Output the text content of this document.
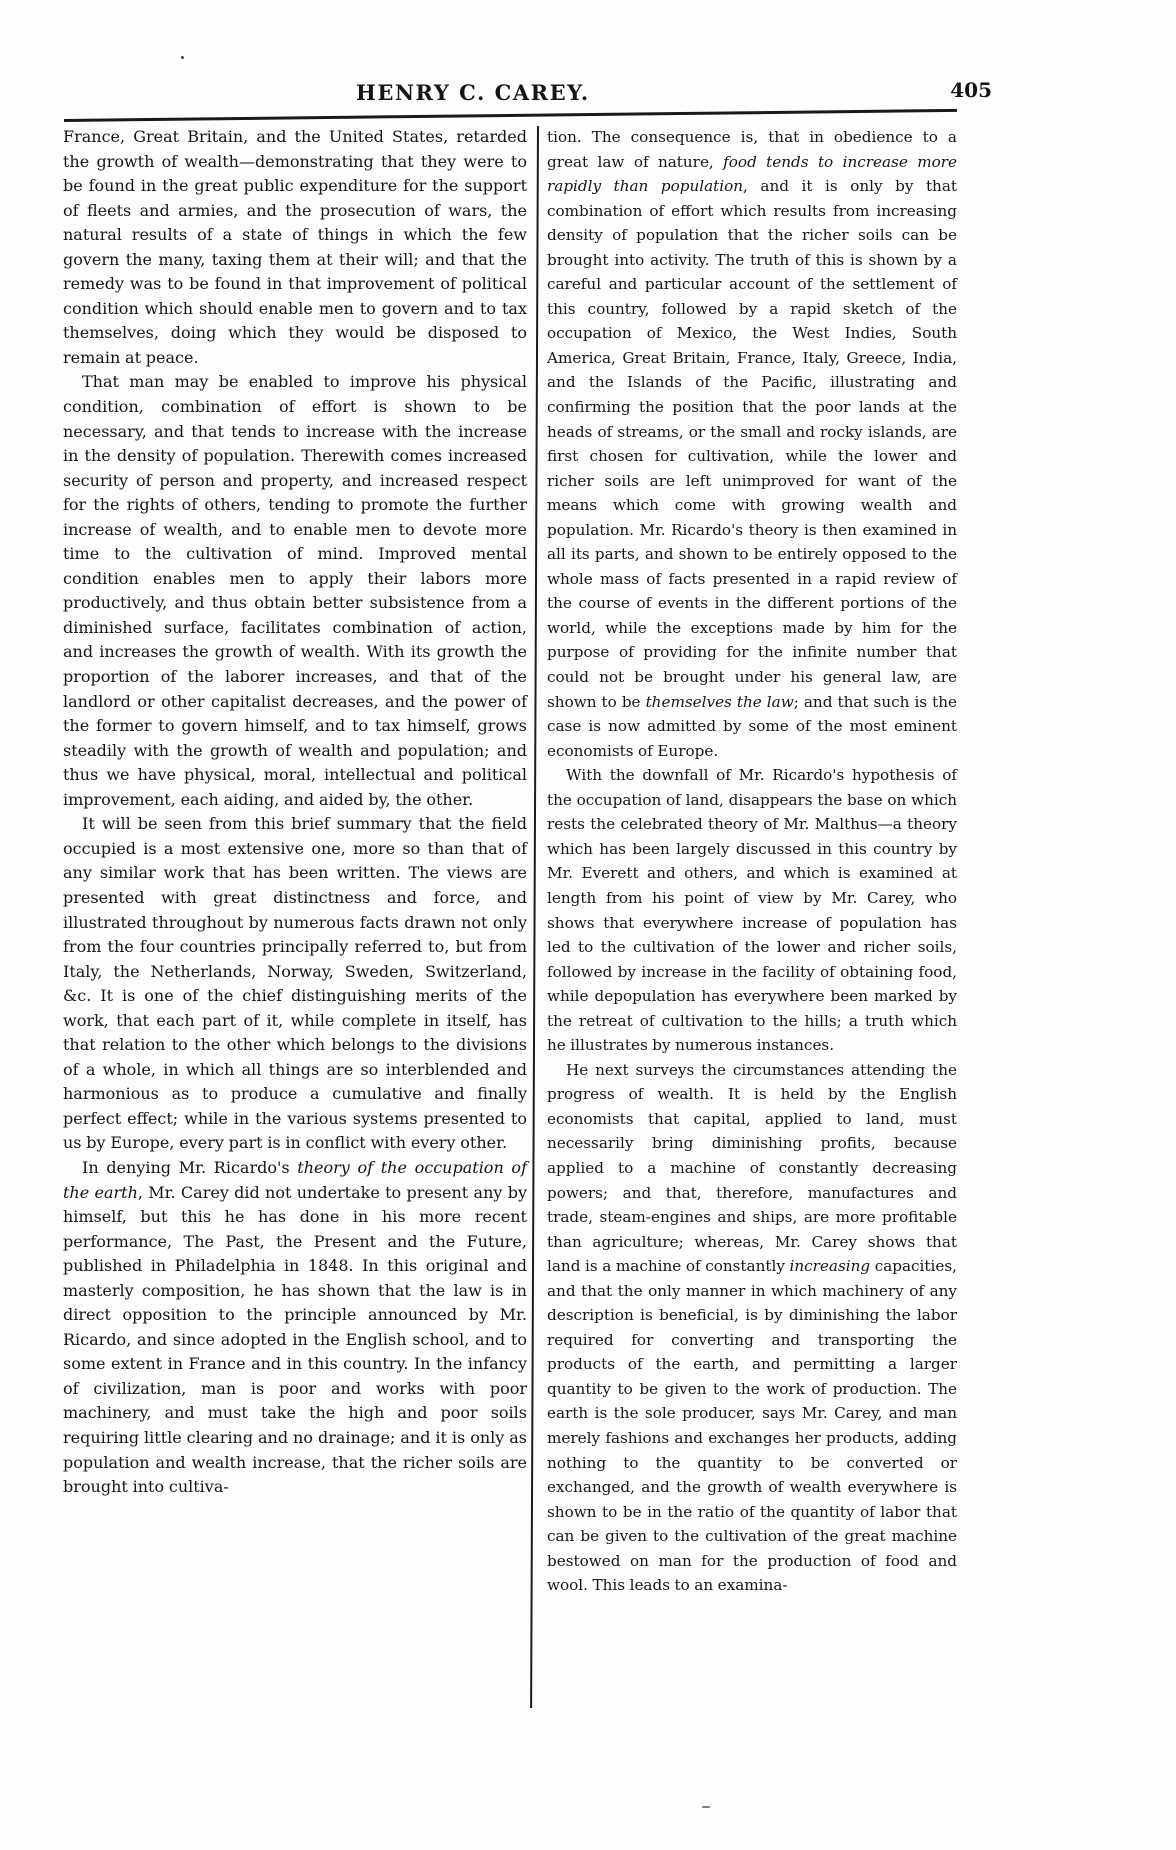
HENRY C. CAREY.	405

France, Great Britain, and the United States, retarded the growth of wealth—demonstrating that they were to be found in the great public expenditure for the support of fleets and armies, and the prosecution of wars, the natural results of a state of things in which the few govern the many, taxing them at their will; and that the remedy was to be found in that improvement of political condition which should enable men to govern and to tax themselves, doing which they would be disposed to remain at peace.

That man may be enabled to improve his physical condition, combination of effort is shown to be necessary, and that tends to increase with the increase in the density of population. Therewith comes increased security of person and property, and increased respect for the rights of others, tending to promote the further increase of wealth, and to enable men to devote more time to the cultivation of mind. Improved mental condition enables men to apply their labors more productively, and thus obtain better subsistence from a diminished surface, facilitates combination of action, and increases the growth of wealth. With its growth the proportion of the laborer increases, and that of the landlord or other capitalist decreases, and the power of the former to govern himself, and to tax himself, grows steadily with the growth of wealth and population; and thus we have physical, moral, intellectual and political improvement, each aiding, and aided by, the other.

It will be seen from this brief summary that the field occupied is a most extensive one, more so than that of any similar work that has been written. The views are presented with great distinctness and force, and illustrated throughout by numerous facts drawn not only from the four countries principally referred to, but from Italy, the Netherlands, Norway, Sweden, Switzerland, &c. It is one of the chief distinguishing merits of the work, that each part of it, while complete in itself, has that relation to the other which belongs to the divisions of a whole, in which all things are so interblended and harmonious as to produce a cumulative and finally perfect effect; while in the various systems presented to us by Europe, every part is in conflict with every other.

In denying Mr. Ricardo's theory of the occupation of the earth, Mr. Carey did not undertake to present any by himself, but this he has done in his more recent performance, The Past, the Present and the Future, published in Philadelphia in 1848. In this original and masterly composition, he has shown that the law is in direct opposition to the principle announced by Mr. Ricardo, and since adopted in the English school, and to some extent in France and in this country. In the infancy of civilization, man is poor and works with poor machinery, and must take the high and poor soils requiring little clearing and no drainage; and it is only as population and wealth increase, that the richer soils are brought into cultiva-

tion. The consequence is, that in obedience to a great law of nature, food tends to increase more rapidly than population, and it is only by that combination of effort which results from increasing density of population that the richer soils can be brought into activity. The truth of this is shown by a careful and particular account of the settlement of this country, followed by a rapid sketch of the occupation of Mexico, the West Indies, South America, Great Britain, France, Italy, Greece, India, and the Islands of the Pacific, illustrating and confirming the position that the poor lands at the heads of streams, or the small and rocky islands, are first chosen for cultivation, while the lower and richer soils are left unimproved for want of the means which come with growing wealth and population. Mr. Ricardo's theory is then examined in all its parts, and shown to be entirely opposed to the whole mass of facts presented in a rapid review of the course of events in the different portions of the world, while the exceptions made by him for the purpose of providing for the infinite number that could not be brought under his general law, are shown to be themselves the law; and that such is the case is now admitted by some of the most eminent economists of Europe.

With the downfall of Mr. Ricardo's hypothesis of the occupation of land, disappears the base on which rests the celebrated theory of Mr. Malthus—a theory which has been largely discussed in this country by Mr. Everett and others, and which is examined at length from his point of view by Mr. Carey, who shows that everywhere increase of population has led to the cultivation of the lower and richer soils, followed by increase in the facility of obtaining food, while depopulation has everywhere been marked by the retreat of cultivation to the hills; a truth which he illustrates by numerous instances.

He next surveys the circumstances attending the progress of wealth. It is held by the English economists that capital, applied to land, must necessarily bring diminishing profits, because applied to a machine of constantly decreasing powers; and that, therefore, manufactures and trade, steam-engines and ships, are more profitable than agriculture; whereas, Mr. Carey shows that land is a machine of constantly increasing capacities, and that the only manner in which machinery of any description is beneficial, is by diminishing the labor required for converting and transporting the products of the earth, and permitting a larger quantity to be given to the work of production. The earth is the sole producer, says Mr. Carey, and man merely fashions and exchanges her products, adding nothing to the quantity to be converted or exchanged, and the growth of wealth everywhere is shown to be in the ratio of the quantity of labor that can be given to the cultivation of the great machine bestowed on man for the production of food and wool. This leads to an examina-
